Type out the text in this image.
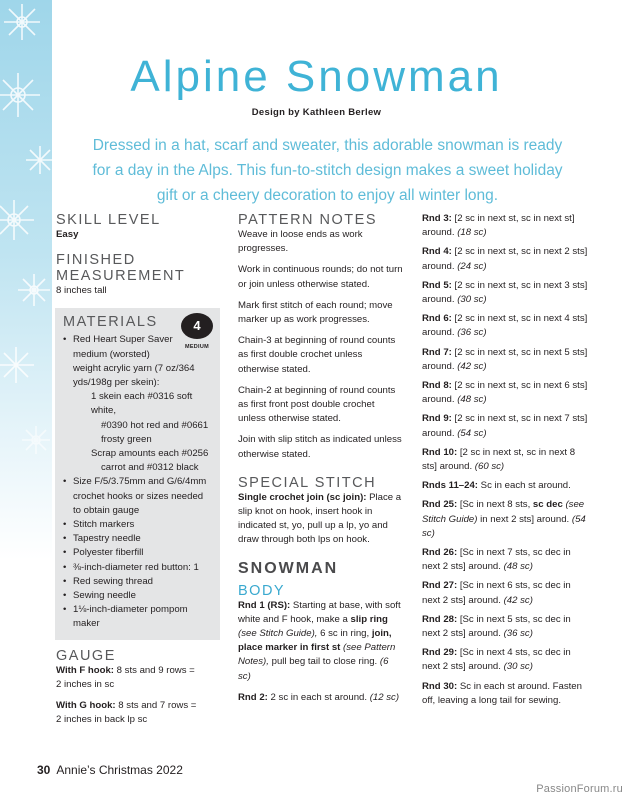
Alpine Snowman
Design by Kathleen Berlew
Dressed in a hat, scarf and sweater, this adorable snowman is ready for a day in the Alps. This fun-to-stitch design makes a sweet holiday gift or a cheery decoration to enjoy all winter long.
SKILL LEVEL
Easy
FINISHED
MEASUREMENT
8 inches tall
4
MEDIUM
MATERIALS
• Red Heart Super Saver
medium (worsted)
weight acrylic yarn (7 oz/364
yds/198g per skein):
1 skein each #0316 soft white,
#0390 hot red and #0661
frosty green
Scrap amounts each #0256
carrot and #0312 black
• Size F/5/3.75mm and G/6/4mm
crochet hooks or sizes needed
to obtain gauge
• Stitch markers
• Tapestry needle
• Polyester fiberfill
• ⅜-inch-diameter red button: 1
• Red sewing thread
• Sewing needle
• 1⅛-inch-diameter pompom
maker
GAUGE

With F hook: 8 sts and 9 rows =
2 inches in sc

With G hook: 8 sts and 7 rows =
2 inches in back lp sc

PATTERN NOTES

Weave in loose ends as work progresses.

Work in continuous rounds; do not turn or join unless otherwise stated.

Mark first stitch of each round; move marker up as work progresses.

Chain-3 at beginning of round counts as first double crochet unless otherwise stated.

Chain-2 at beginning of round counts as first front post double crochet unless otherwise stated.

Join with slip stitch as indicated unless otherwise stated.

SPECIAL STITCH

Single crochet join (sc join): Place a slip knot on hook, insert hook in indicated st, yo, pull up a lp, yo and draw through both lps on hook.

SNOWMAN
BODY

Rnd 1 (RS): Starting at base, with soft white and F hook, make a slip ring (see Stitch Guide), 6 sc in ring, join, place marker in first st (see Pattern Notes), pull beg tail to close ring. (6 sc)

Rnd 2: 2 sc in each st around. (12 sc)

Rnd 3: [2 sc in next st, sc in next st] around. (18 sc)
Rnd 4: [2 sc in next st, sc in next 2 sts] around. (24 sc)
Rnd 5: [2 sc in next st, sc in next 3 sts] around. (30 sc)
Rnd 6: [2 sc in next st, sc in next 4 sts] around. (36 sc)
Rnd 7: [2 sc in next st, sc in next 5 sts] around. (42 sc)
Rnd 8: [2 sc in next st, sc in next 6 sts] around. (48 sc)
Rnd 9: [2 sc in next st, sc in next 7 sts] around. (54 sc)
Rnd 10: [2 sc in next st, sc in next 8 sts] around. (60 sc)
Rnds 11–24: Sc in each st around.
Rnd 25: [Sc in next 8 sts, sc dec (see Stitch Guide) in next 2 sts] around. (54 sc)
Rnd 26: [Sc in next 7 sts, sc dec in next 2 sts] around. (48 sc)
Rnd 27: [Sc in next 6 sts, sc dec in next 2 sts] around. (42 sc)
Rnd 28: [Sc in next 5 sts, sc dec in next 2 sts] around. (36 sc)
Rnd 29: [Sc in next 4 sts, sc dec in next 2 sts] around. (30 sc)
Rnd 30: Sc in each st around. Fasten off, leaving a long tail for sewing.
30 Annie’s Christmas 2022
PassionForum.ru
